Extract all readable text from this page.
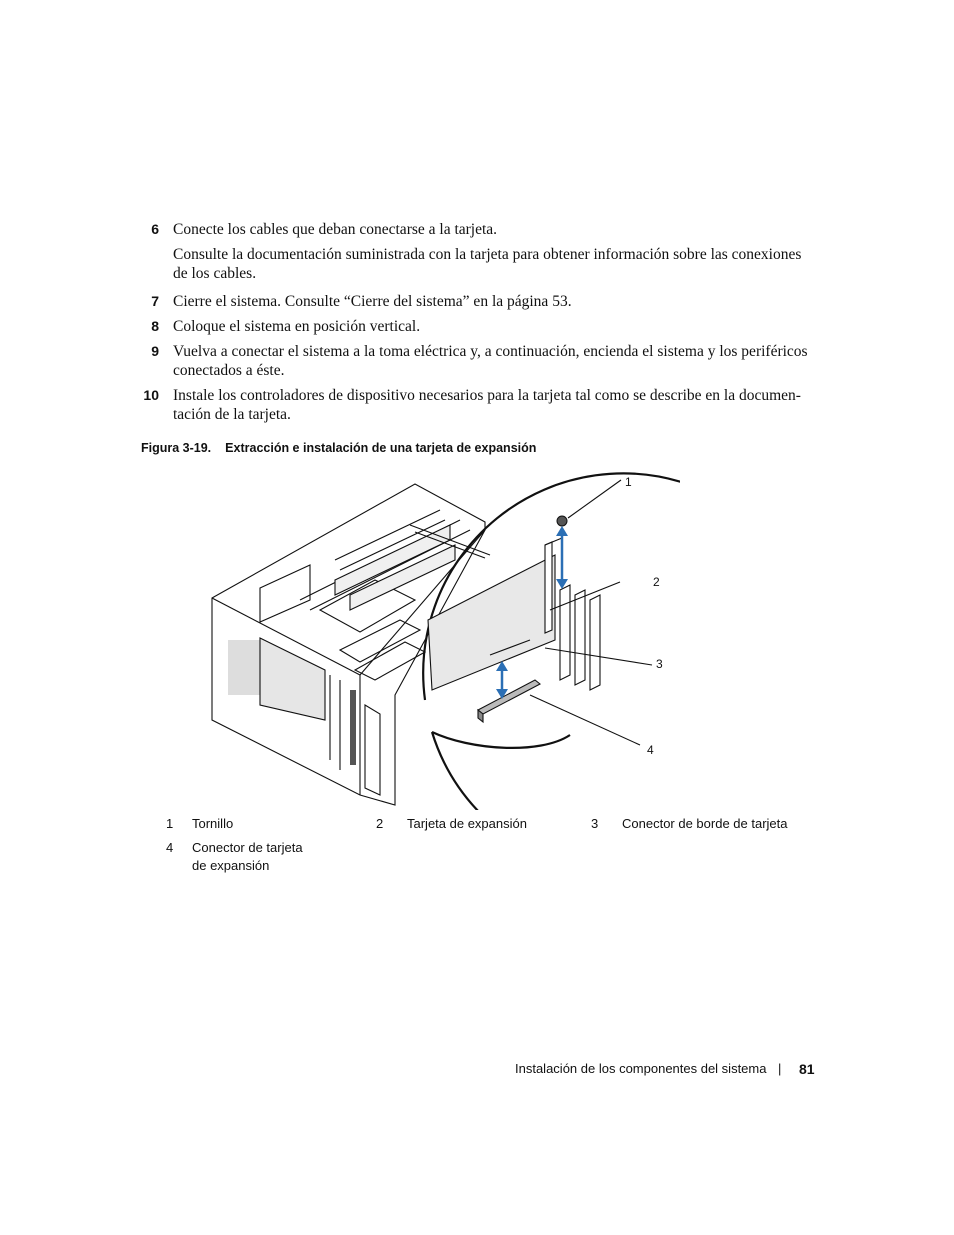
6 Conecte los cables que deban conectarse a la tarjeta.
Consulte la documentación suministrada con la tarjeta para obtener información sobre las conexiones de los cables.
7 Cierre el sistema. Consulte “Cierre del sistema” en la página 53.
8 Coloque el sistema en posición vertical.
9 Vuelva a conectar el sistema a la toma eléctrica y, a continuación, encienda el sistema y los periféricos conectados a éste.
10 Instale los controladores de dispositivo necesarios para la tarjeta tal como se describe en la documen-tación de la tarjeta.
Figura 3-19. Extracción e instalación de una tarjeta de expansión
1
2
3
4
1 Tornillo	2 Tarjeta de expansión	3 Conector de borde de tarjeta
4 Conector de tarjeta de expansión
Instalación de los componentes del sistema | 81
